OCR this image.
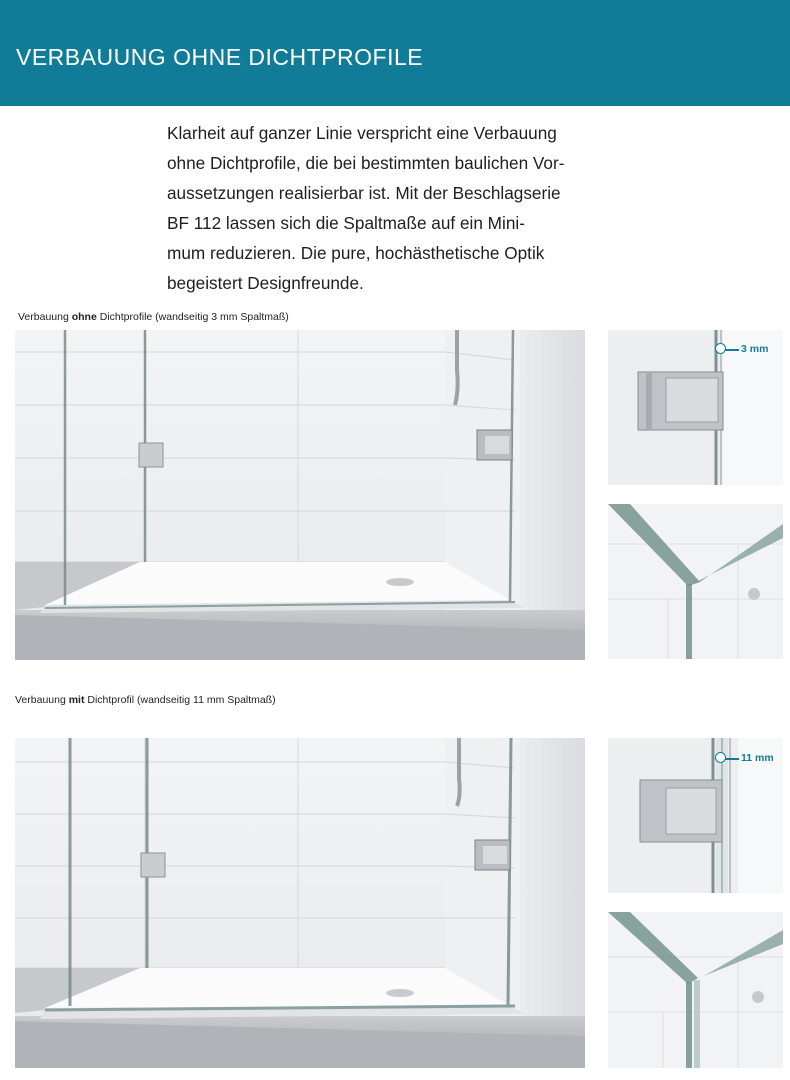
VERBAUUNG OHNE DICHTPROFILE
Klarheit auf ganzer Linie verspricht eine Verbauung
ohne Dichtprofile, die bei bestimmten baulichen Vor-
aussetzungen realisierbar ist. Mit der Beschlagserie
BF 112 lassen sich die Spaltmaße auf ein Mini-
mum reduzieren. Die pure, hochästhetische Optik
begeistert Designfreunde.
Verbauung ohne Dichtprofile (wandseitig 3 mm Spaltmaß)
3 mm
Verbauung mit Dichtprofil (wandseitig 11 mm Spaltmaß)
11 mm
